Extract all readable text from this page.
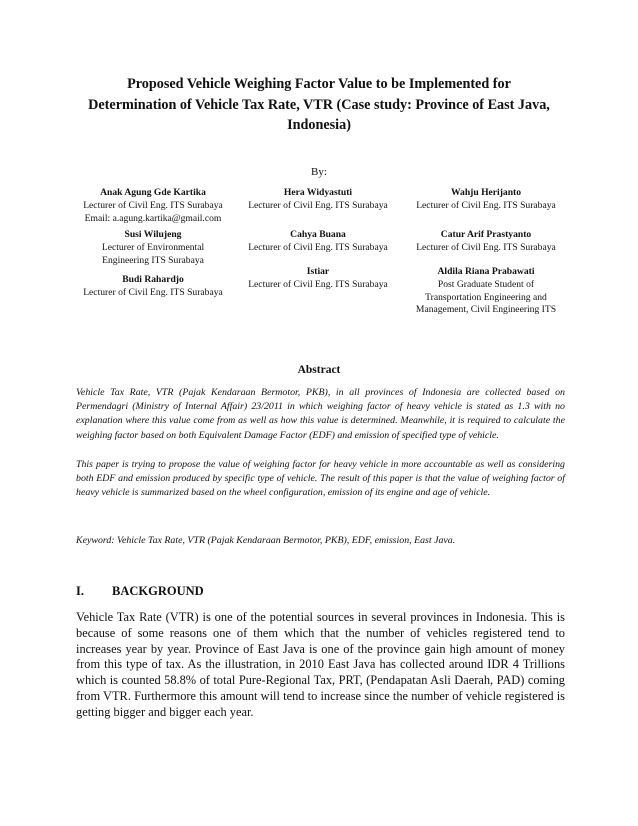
Proposed Vehicle Weighing Factor Value to be Implemented for
Determination of Vehicle Tax Rate, VTR (Case study: Province of East Java,
Indonesia)
By:
Anak Agung Gde Kartika
Lecturer of Civil Eng. ITS Surabaya
Email: a.agung.kartika@gmail.com
Hera Widyastuti
Lecturer of Civil Eng. ITS Surabaya
Wahju Herijanto
Lecturer of Civil Eng. ITS Surabaya
Susi Wilujeng
Lecturer of Environmental
Engineering ITS Surabaya
Cahya Buana
Lecturer of Civil Eng. ITS Surabaya
Catur Arif Prastyanto
Lecturer of Civil Eng. ITS Surabaya
Budi Rahardjo
Lecturer of Civil Eng. ITS Surabaya
Istiar
Lecturer of Civil Eng. ITS Surabaya
Aldila Riana Prabawati
Post Graduate Student of
Transportation Engineering and
Management, Civil Engineering ITS
Abstract

Vehicle Tax Rate, VTR (Pajak Kendaraan Bermotor, PKB), in all provinces of Indonesia are collected based on Permendagri (Ministry of Internal Affair) 23/2011 in which weighing factor of heavy vehicle is stated as 1.3 with no explanation where this value come from as well as how this value is determined. Meanwhile, it is required to calculate the weighing factor based on both Equivalent Damage Factor (EDF) and emission of specified type of vehicle.

This paper is trying to propose the value of weighing factor for heavy vehicle in more accountable as well as considering both EDF and emission produced by specific type of vehicle. The result of this paper is that the value of weighing factor of heavy vehicle is summarized based on the wheel configuration, emission of its engine and age of vehicle.

Keyword: Vehicle Tax Rate, VTR (Pajak Kendaraan Bermotor, PKB), EDF, emission, East Java.

I. BACKGROUND

Vehicle Tax Rate (VTR) is one of the potential sources in several provinces in Indonesia. This is because of some reasons one of them which that the number of vehicles registered tend to increases year by year. Province of East Java is one of the province gain high amount of money from this type of tax. As the illustration, in 2010 East Java has collected around IDR 4 Trillions which is counted 58.8% of total Pure-Regional Tax, PRT, (Pendapatan Asli Daerah, PAD) coming from VTR. Furthermore this amount will tend to increase since the number of vehicle registered is getting bigger and bigger each year.
